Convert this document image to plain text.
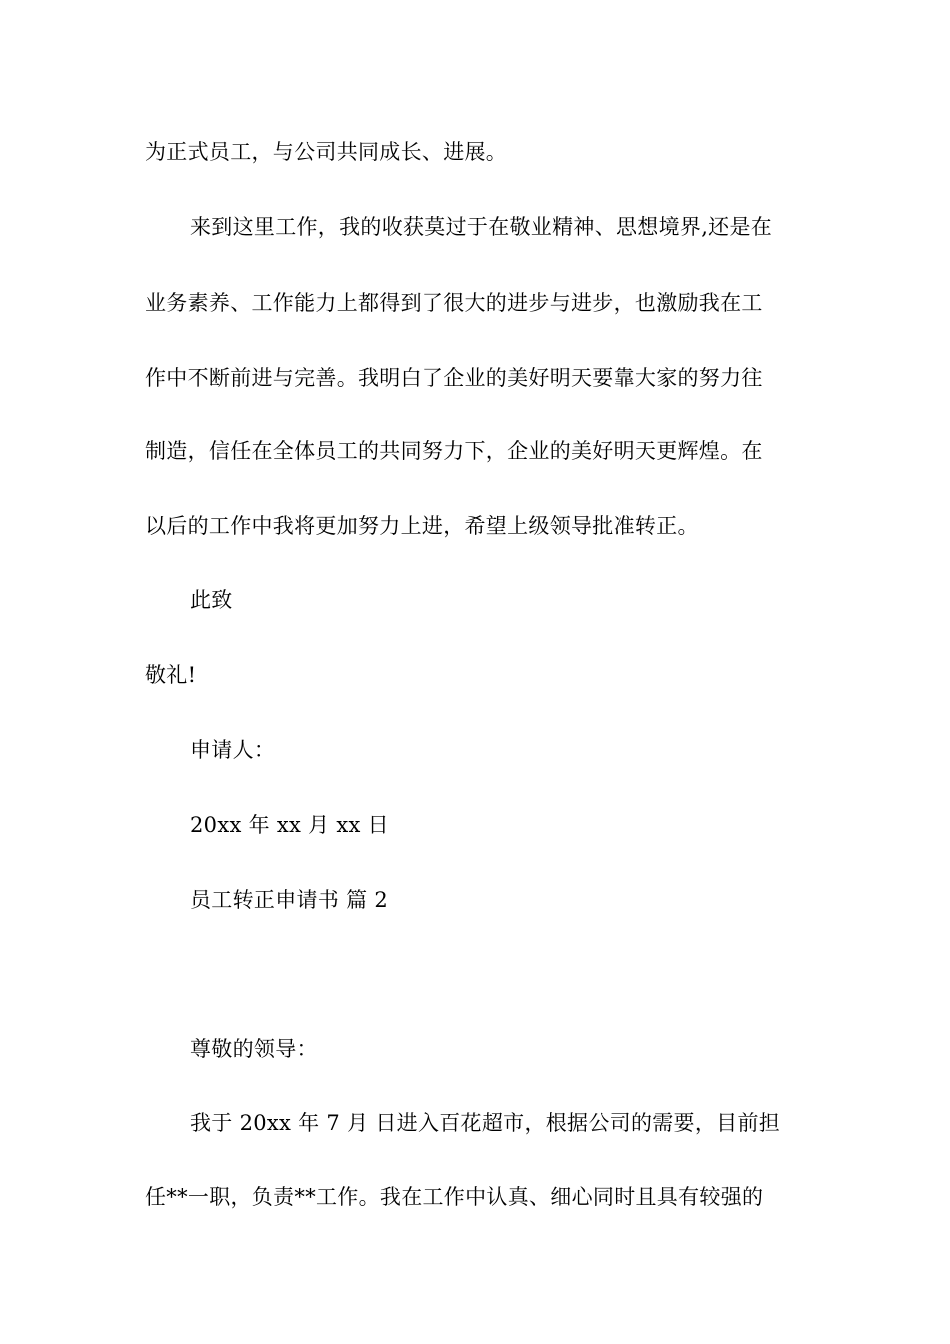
为正式员工，与公司共同成长、进展。
来到这里工作，我的收获莫过于在敬业精神、思想境界,还是在
业务素养、工作能力上都得到了很大的进步与进步，也激励我在工
作中不断前进与完善。我明白了企业的美好明天要靠大家的努力往
制造，信任在全体员工的共同努力下，企业的美好明天更辉煌。在
以后的工作中我将更加努力上进，希望上级领导批准转正。
此致
敬礼!
申请人：
20xx 年 xx 月 xx 日
员工转正申请书 篇 2
尊敬的领导：
我于 20xx 年 7 月 日进入百花超市，根据公司的需要，目前担
任**一职，负责**工作。我在工作中认真、细心同时且具有较强的
